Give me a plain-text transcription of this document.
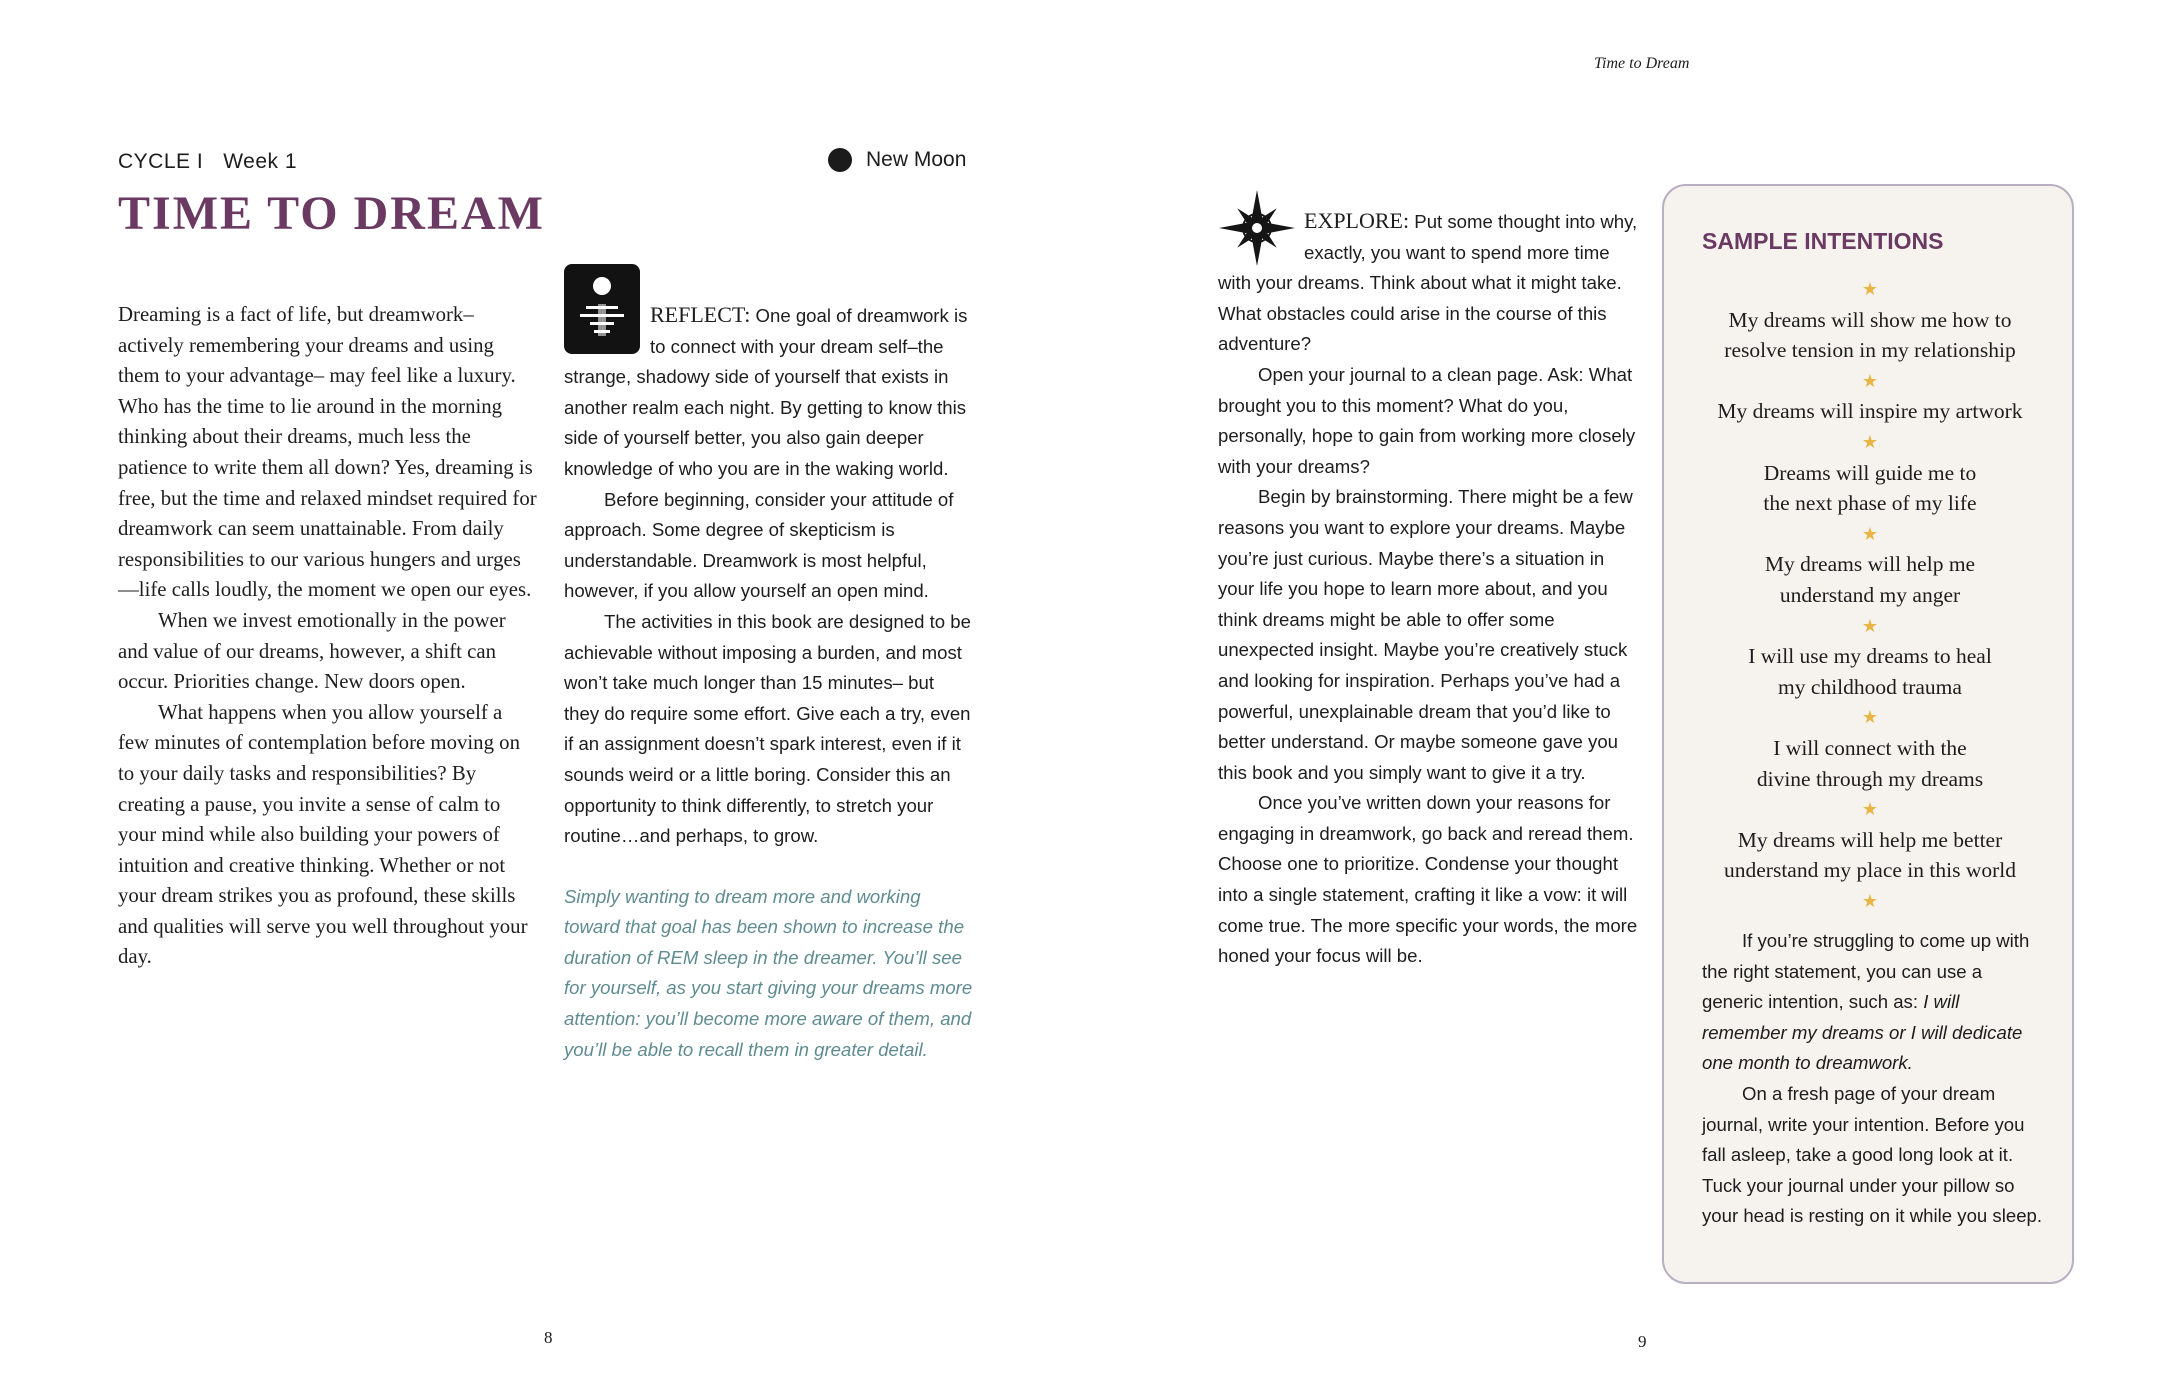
Time to Dream
CYCLE I Week 1	New Moon
TIME TO DREAM

Dreaming is a fact of life, but dreamwork– actively remembering your dreams and using them to your advantage– may feel like a luxury. Who has the time to lie around in the morning thinking about their dreams, much less the patience to write them all down? Yes, dreaming is free, but the time and relaxed mindset required for dreamwork can seem unattainable. From daily responsibilities to our various hungers and urges—life calls loudly, the moment we open our eyes.

When we invest emotionally in the power and value of our dreams, however, a shift can occur. Priorities change. New doors open.

What happens when you allow yourself a few minutes of contemplation before moving on to your daily tasks and responsibilities? By creating a pause, you invite a sense of calm to your mind while also building your powers of intuition and creative thinking. Whether or not your dream strikes you as profound, these skills and qualities will serve you well throughout your day.

REFLECT: One goal of dreamwork is to connect with your dream self–the strange, shadowy side of yourself that exists in another realm each night. By getting to know this side of yourself better, you also gain deeper knowledge of who you are in the waking world.

Before beginning, consider your attitude of approach. Some degree of skepticism is understandable. Dreamwork is most helpful, however, if you allow yourself an open mind.

The activities in this book are designed to be achievable without imposing a burden, and most won’t take much longer than 15 minutes– but they do require some effort. Give each a try, even if an assignment doesn’t spark interest, even if it sounds weird or a little boring. Consider this an opportunity to think differently, to stretch your routine…and perhaps, to grow.

Simply wanting to dream more and working toward that goal has been shown to increase the duration of REM sleep in the dreamer. You’ll see for yourself, as you start giving your dreams more attention: you’ll become more aware of them, and you’ll be able to recall them in greater detail.

EXPLORE: Put some thought into why, exactly, you want to spend more time with your dreams. Think about what it might take. What obstacles could arise in the course of this adventure?

Open your journal to a clean page. Ask: What brought you to this moment? What do you, personally, hope to gain from working more closely with your dreams?

Begin by brainstorming. There might be a few reasons you want to explore your dreams. Maybe you’re just curious. Maybe there’s a situation in your life you hope to learn more about, and you think dreams might be able to offer some unexpected insight. Maybe you’re creatively stuck and looking for inspiration. Perhaps you’ve had a powerful, unexplainable dream that you’d like to better understand. Or maybe someone gave you this book and you simply want to give it a try.

Once you’ve written down your reasons for engaging in dreamwork, go back and reread them. Choose one to prioritize. Condense your thought into a single statement, crafting it like a vow: it will come true. The more specific your words, the more honed your focus will be.

SAMPLE INTENTIONS
★
My dreams will show me how to
resolve tension in my relationship
★
My dreams will inspire my artwork
★
Dreams will guide me to
the next phase of my life
★
My dreams will help me
understand my anger
★
I will use my dreams to heal
my childhood trauma
★
I will connect with the
divine through my dreams
★
My dreams will help me better
understand my place in this world
★

If you’re struggling to come up with the right statement, you can use a generic intention, such as: I will remember my dreams or I will dedicate one month to dreamwork.

On a fresh page of your dream journal, write your intention. Before you fall asleep, take a good long look at it. Tuck your journal under your pillow so your head is resting on it while you sleep.

8	9
